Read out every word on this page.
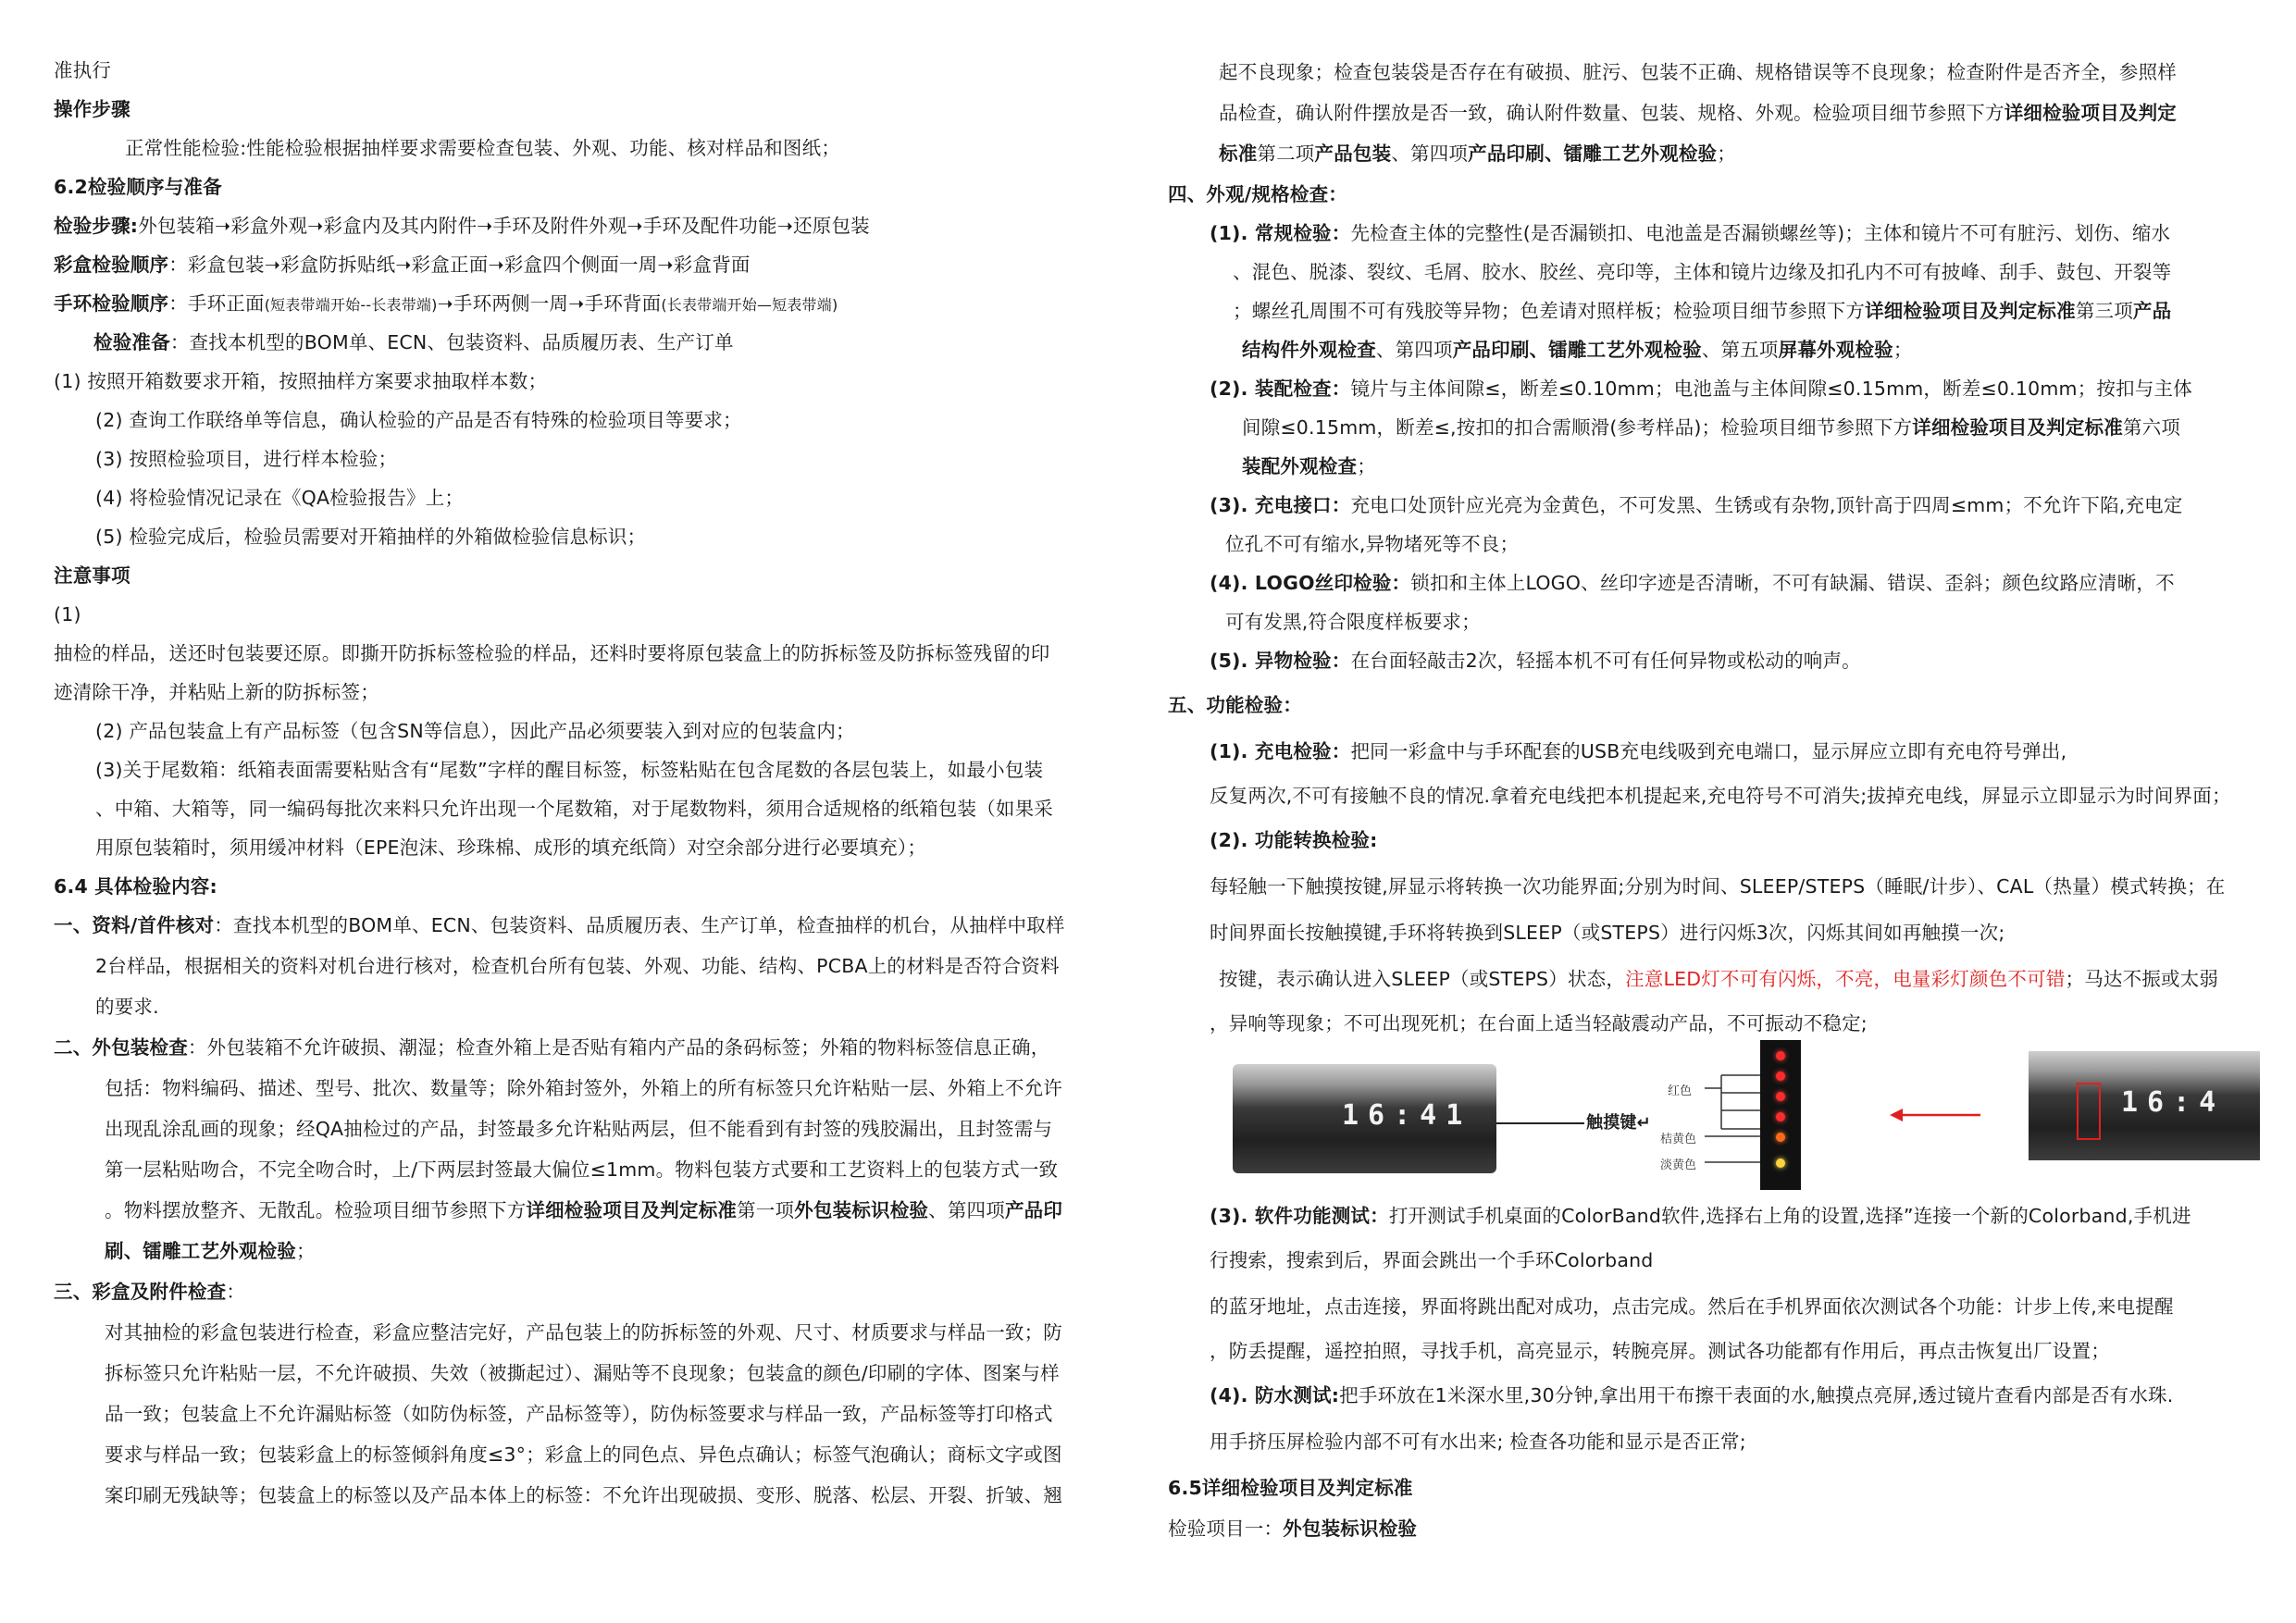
准执行
操作步骤
正常性能检验:性能检验根据抽样要求需要检查包装、外观、功能、核对样品和图纸；
6.2检验顺序与准备
检验步骤:外包装箱➝彩盒外观➝彩盒内及其内附件➝手环及附件外观➝手环及配件功能➝还原包装
彩盒检验顺序：彩盒包装➝彩盒防拆贴纸➝彩盒正面➝彩盒四个侧面一周➝彩盒背面
手环检验顺序：手环正面(短表带端开始--长表带端)➝手环两侧一周➝手环背面(长表带端开始—短表带端)
检验准备：查找本机型的BOM单、ECN、包装资料、品质履历表、生产订单
(1) 按照开箱数要求开箱，按照抽样方案要求抽取样本数；
(2) 查询工作联络单等信息，确认检验的产品是否有特殊的检验项目等要求；
(3) 按照检验项目，进行样本检验；
(4) 将检验情况记录在《QA检验报告》上；
(5) 检验完成后，检验员需要对开箱抽样的外箱做检验信息标识；
注意事项
(1)
抽检的样品，送还时包装要还原。即撕开防拆标签检验的样品，还料时要将原包装盒上的防拆标签及防拆标签残留的印
迹清除干净，并粘贴上新的防拆标签；
(2) 产品包装盒上有产品标签（包含SN等信息），因此产品必须要装入到对应的包装盒内；
(3)关于尾数箱：纸箱表面需要粘贴含有“尾数”字样的醒目标签，标签粘贴在包含尾数的各层包装上，如最小包装
、中箱、大箱等，同一编码每批次来料只允许出现一个尾数箱，对于尾数物料，须用合适规格的纸箱包装（如果采
用原包装箱时，须用缓冲材料（EPE泡沫、珍珠棉、成形的填充纸筒）对空余部分进行必要填充）；
6.4 具体检验内容:
一、资料/首件核对：查找本机型的BOM单、ECN、包装资料、品质履历表、生产订单，检查抽样的机台，从抽样中取样
2台样品，根据相关的资料对机台进行核对，检查机台所有包装、外观、功能、结构、PCBA上的材料是否符合资料
的要求.
二、外包装检查：外包装箱不允许破损、潮湿；检查外箱上是否贴有箱内产品的条码标签；外箱的物料标签信息正确，
包括：物料编码、描述、型号、批次、数量等；除外箱封签外，外箱上的所有标签只允许粘贴一层、外箱上不允许
出现乱涂乱画的现象；经QA抽检过的产品，封签最多允许粘贴两层，但不能看到有封签的残胶漏出，且封签需与
第一层粘贴吻合，不完全吻合时，上/下两层封签最大偏位≤1mm。物料包装方式要和工艺资料上的包装方式一致
。物料摆放整齐、无散乱。检验项目细节参照下方详细检验项目及判定标准第一项外包装标识检验、第四项产品印
刷、镭雕工艺外观检验；
三、彩盒及附件检查：
对其抽检的彩盒包装进行检查，彩盒应整洁完好，产品包装上的防拆标签的外观、尺寸、材质要求与样品一致；防
拆标签只允许粘贴一层，不允许破损、失效（被撕起过）、漏贴等不良现象；包装盒的颜色/印刷的字体、图案与样
品一致；包装盒上不允许漏贴标签（如防伪标签，产品标签等），防伪标签要求与样品一致，产品标签等打印格式
要求与样品一致；包装彩盒上的标签倾斜角度≤3°；彩盒上的同色点、异色点确认；标签气泡确认；商标文字或图
案印刷无残缺等；包装盒上的标签以及产品本体上的标签：不允许出现破损、变形、脱落、松层、开裂、折皱、翘
起不良现象；检查包装袋是否存在有破损、脏污、包装不正确、规格错误等不良现象；检查附件是否齐全，参照样
品检查，确认附件摆放是否一致，确认附件数量、包装、规格、外观。检验项目细节参照下方详细检验项目及判定
标准第二项产品包装、第四项产品印刷、镭雕工艺外观检验；
四、外观/规格检查：
(1). 常规检验：先检查主体的完整性(是否漏锁扣、电池盖是否漏锁螺丝等)；主体和镜片不可有脏污、划伤、缩水
、混色、脱漆、裂纹、毛屑、胶水、胶丝、亮印等，主体和镜片边缘及扣孔内不可有披峰、刮手、鼓包、开裂等
；螺丝孔周围不可有残胶等异物；色差请对照样板；检验项目细节参照下方详细检验项目及判定标准第三项产品
结构件外观检查、第四项产品印刷、镭雕工艺外观检验、第五项屏幕外观检验；
(2). 装配检查：镜片与主体间隙≤，断差≤0.10mm；电池盖与主体间隙≤0.15mm，断差≤0.10mm；按扣与主体
间隙≤0.15mm，断差≤,按扣的扣合需顺滑(参考样品)；检验项目细节参照下方详细检验项目及判定标准第六项
装配外观检查；
(3). 充电接口：充电口处顶针应光亮为金黄色，不可发黑、生锈或有杂物,顶针高于四周≤mm；不允许下陷,充电定
位孔不可有缩水,异物堵死等不良；
(4). LOGO丝印检验：锁扣和主体上LOGO、丝印字迹是否清晰，不可有缺漏、错误、歪斜；颜色纹路应清晰，不
可有发黑,符合限度样板要求；
(5). 异物检验：在台面轻敲击2次，轻摇本机不可有任何异物或松动的响声。
五、功能检验：
(1). 充电检验：把同一彩盒中与手环配套的USB充电线吸到充电端口，显示屏应立即有充电符号弹出,
反复两次,不可有接触不良的情况.拿着充电线把本机提起来,充电符号不可消失;拔掉充电线，屏显示立即显示为时间界面；
(2). 功能转换检验:
每轻触一下触摸按键,屏显示将转换一次功能界面;分别为时间、SLEEP/STEPS（睡眠/计步）、CAL（热量）模式转换；在
时间界面长按触摸键,手环将转换到SLEEP（或STEPS）进行闪烁3次，闪烁其间如再触摸一次;
按键，表示确认进入SLEEP（或STEPS）状态，注意LED灯不可有闪烁，不亮，电量彩灯颜色不可错；马达不振或太弱
，异响等现象；不可出现死机；在台面上适当轻敲震动产品，不可振动不稳定;
16:41	触摸键↵
红色
桔黄色
淡黄色
16:4
(3). 软件功能测试：打开测试手机桌面的ColorBand软件,选择右上角的设置,选择”连接一个新的Colorband,手机进
行搜索，搜索到后，界面会跳出一个手环Colorband
的蓝牙地址，点击连接，界面将跳出配对成功，点击完成。然后在手机界面依次测试各个功能：计步上传,来电提醒
，防丢提醒，遥控拍照，寻找手机，高亮显示，转腕亮屏。测试各功能都有作用后，再点击恢复出厂设置；
(4). 防水测试:把手环放在1米深水里,30分钟,拿出用干布擦干表面的水,触摸点亮屏,透过镜片查看内部是否有水珠.
用手挤压屏检验内部不可有水出来; 检查各功能和显示是否正常;
6.5详细检验项目及判定标准
检验项目一：外包装标识检验
